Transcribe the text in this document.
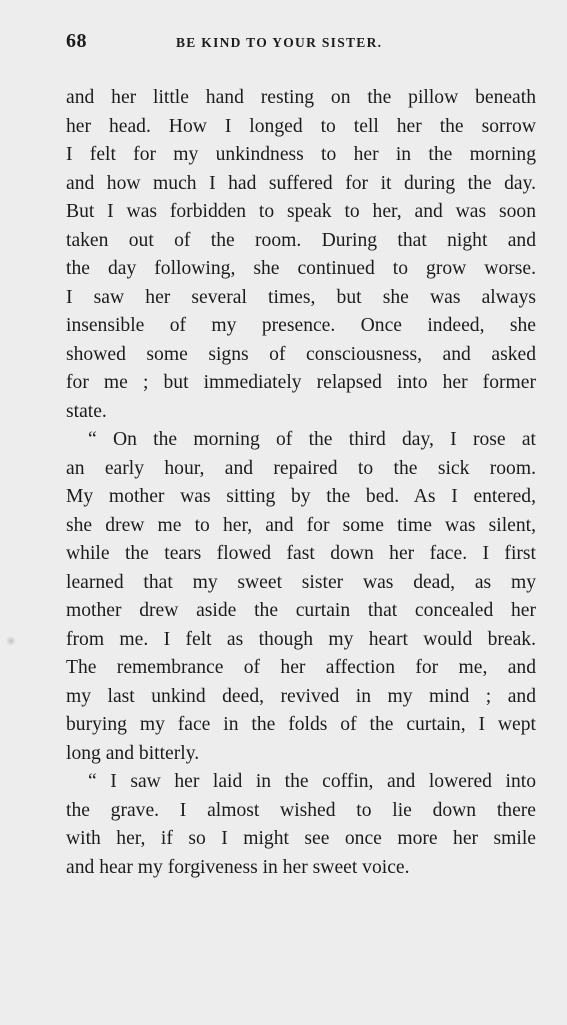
68	BE KIND TO YOUR SISTER.
and her little hand resting on the pillow beneath
her head. How I longed to tell her the sorrow
I felt for my unkindness to her in the morning
and how much I had suffered for it during the day.
But I was forbidden to speak to her, and was soon
taken out of the room. During that night and
the day following, she continued to grow worse.
I saw her several times, but she was always
insensible of my presence. Once indeed, she
showed some signs of consciousness, and asked
for me ; but immediately relapsed into her former
state.
“ On the morning of the third day, I rose at
an early hour, and repaired to the sick room.
My mother was sitting by the bed. As I entered,
she drew me to her, and for some time was silent,
while the tears flowed fast down her face. I first
learned that my sweet sister was dead, as my
mother drew aside the curtain that concealed her
from me. I felt as though my heart would break.
The remembrance of her affection for me, and
my last unkind deed, revived in my mind ; and
burying my face in the folds of the curtain, I wept
long and bitterly.
“ I saw her laid in the coffin, and lowered into
the grave. I almost wished to lie down there
with her, if so I might see once more her smile
and hear my forgiveness in her sweet voice.
